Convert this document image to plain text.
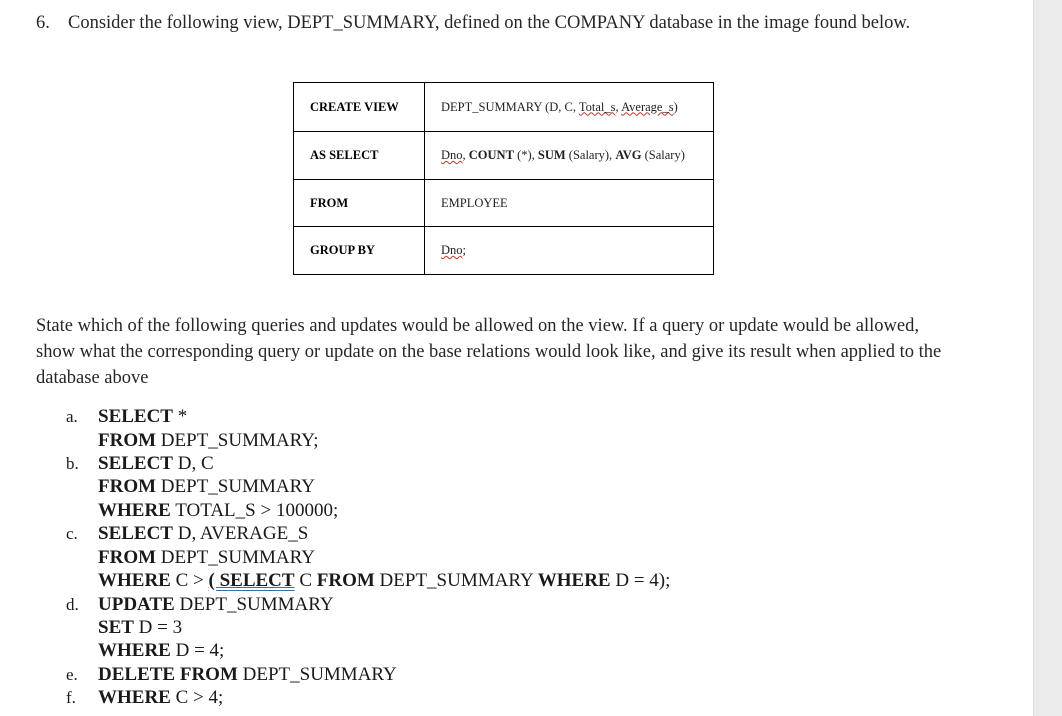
6. Consider the following view, DEPT_SUMMARY, defined on the COMPANY database in the image found below.
CREATE VIEW	DEPT_SUMMARY (D, C, Total_s, Average_s)
AS SELECT	Dno, COUNT (*), SUM (Salary), AVG (Salary)
FROM	EMPLOYEE
GROUP BY	Dno;
State which of the following queries and updates would be allowed on the view. If a query or update would be allowed, show what the corresponding query or update on the base relations would look like, and give its result when applied to the database above
a. SELECT *
FROM DEPT_SUMMARY;
b. SELECT D, C
FROM DEPT_SUMMARY
WHERE TOTAL_S > 100000;
c. SELECT D, AVERAGE_S
FROM DEPT_SUMMARY
WHERE C > ( SELECT C FROM DEPT_SUMMARY WHERE D = 4);
d. UPDATE DEPT_SUMMARY
SET D = 3
WHERE D = 4;
e. DELETE FROM DEPT_SUMMARY
f. WHERE C > 4;
